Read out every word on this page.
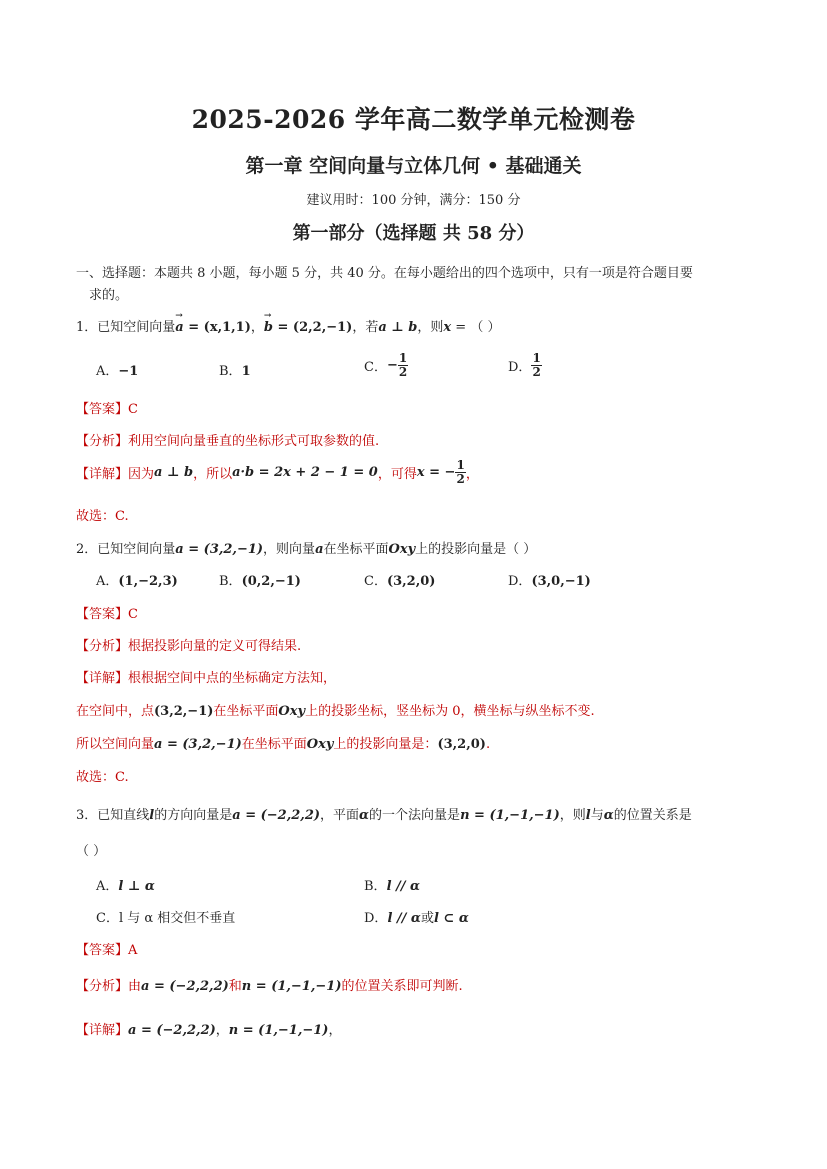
2025-2026 学年高二数学单元检测卷
第一章 空间向量与立体几何 • 基础通关
建议用时：100 分钟，满分：150 分
第一部分（选择题 共 58 分）
一、选择题：本题共 8 小题，每小题 5 分，共 40 分。在每小题给出的四个选项中，只有一项是符合题目要
求的。
1．已知空间向量→ a = (x,1,1)，→ b = (2,2,−1)，若a ⊥ b，则x = （ ）
A．−1	B．1	C．− $\frac{1}{2}$	D． $\frac{1}{2}$
【答案】C
【分析】利用空间向量垂直的坐标形式可取参数的值.
【详解】因为a ⊥ b，所以a·b = 2x + 2 − 1 = 0，可得x = − $\frac{1}{2}$ ，
故选：C.
2．已知空间向量a = (3,2,−1)，则向量a在坐标平面Oxy上的投影向量是（ ）
A．(1,−2,3)	B．(0,2,−1)	C．(3,2,0)	D．(3,0,−1)
【答案】C
【分析】根据投影向量的定义可得结果.
【详解】根根据空间中点的坐标确定方法知，
在空间中，点(3,2,−1)在坐标平面Oxy上的投影坐标，竖坐标为 0，横坐标与纵坐标不变.
所以空间向量a = (3,2,−1)在坐标平面Oxy上的投影向量是：(3,2,0).
故选：C.
3．已知直线l的方向向量是a = (−2,2,2)，平面α的一个法向量是n = (1,−1,−1)，则l与α的位置关系是
（ ）
A．l ⊥ α	B．l // α
C．l 与 α 相交但不垂直	D．l // α或l ⊂ α
【答案】A
【分析】由a = (−2,2,2)和n = (1,−1,−1)的位置关系即可判断.
【详解】a = (−2,2,2)，n = (1,−1,−1)，
